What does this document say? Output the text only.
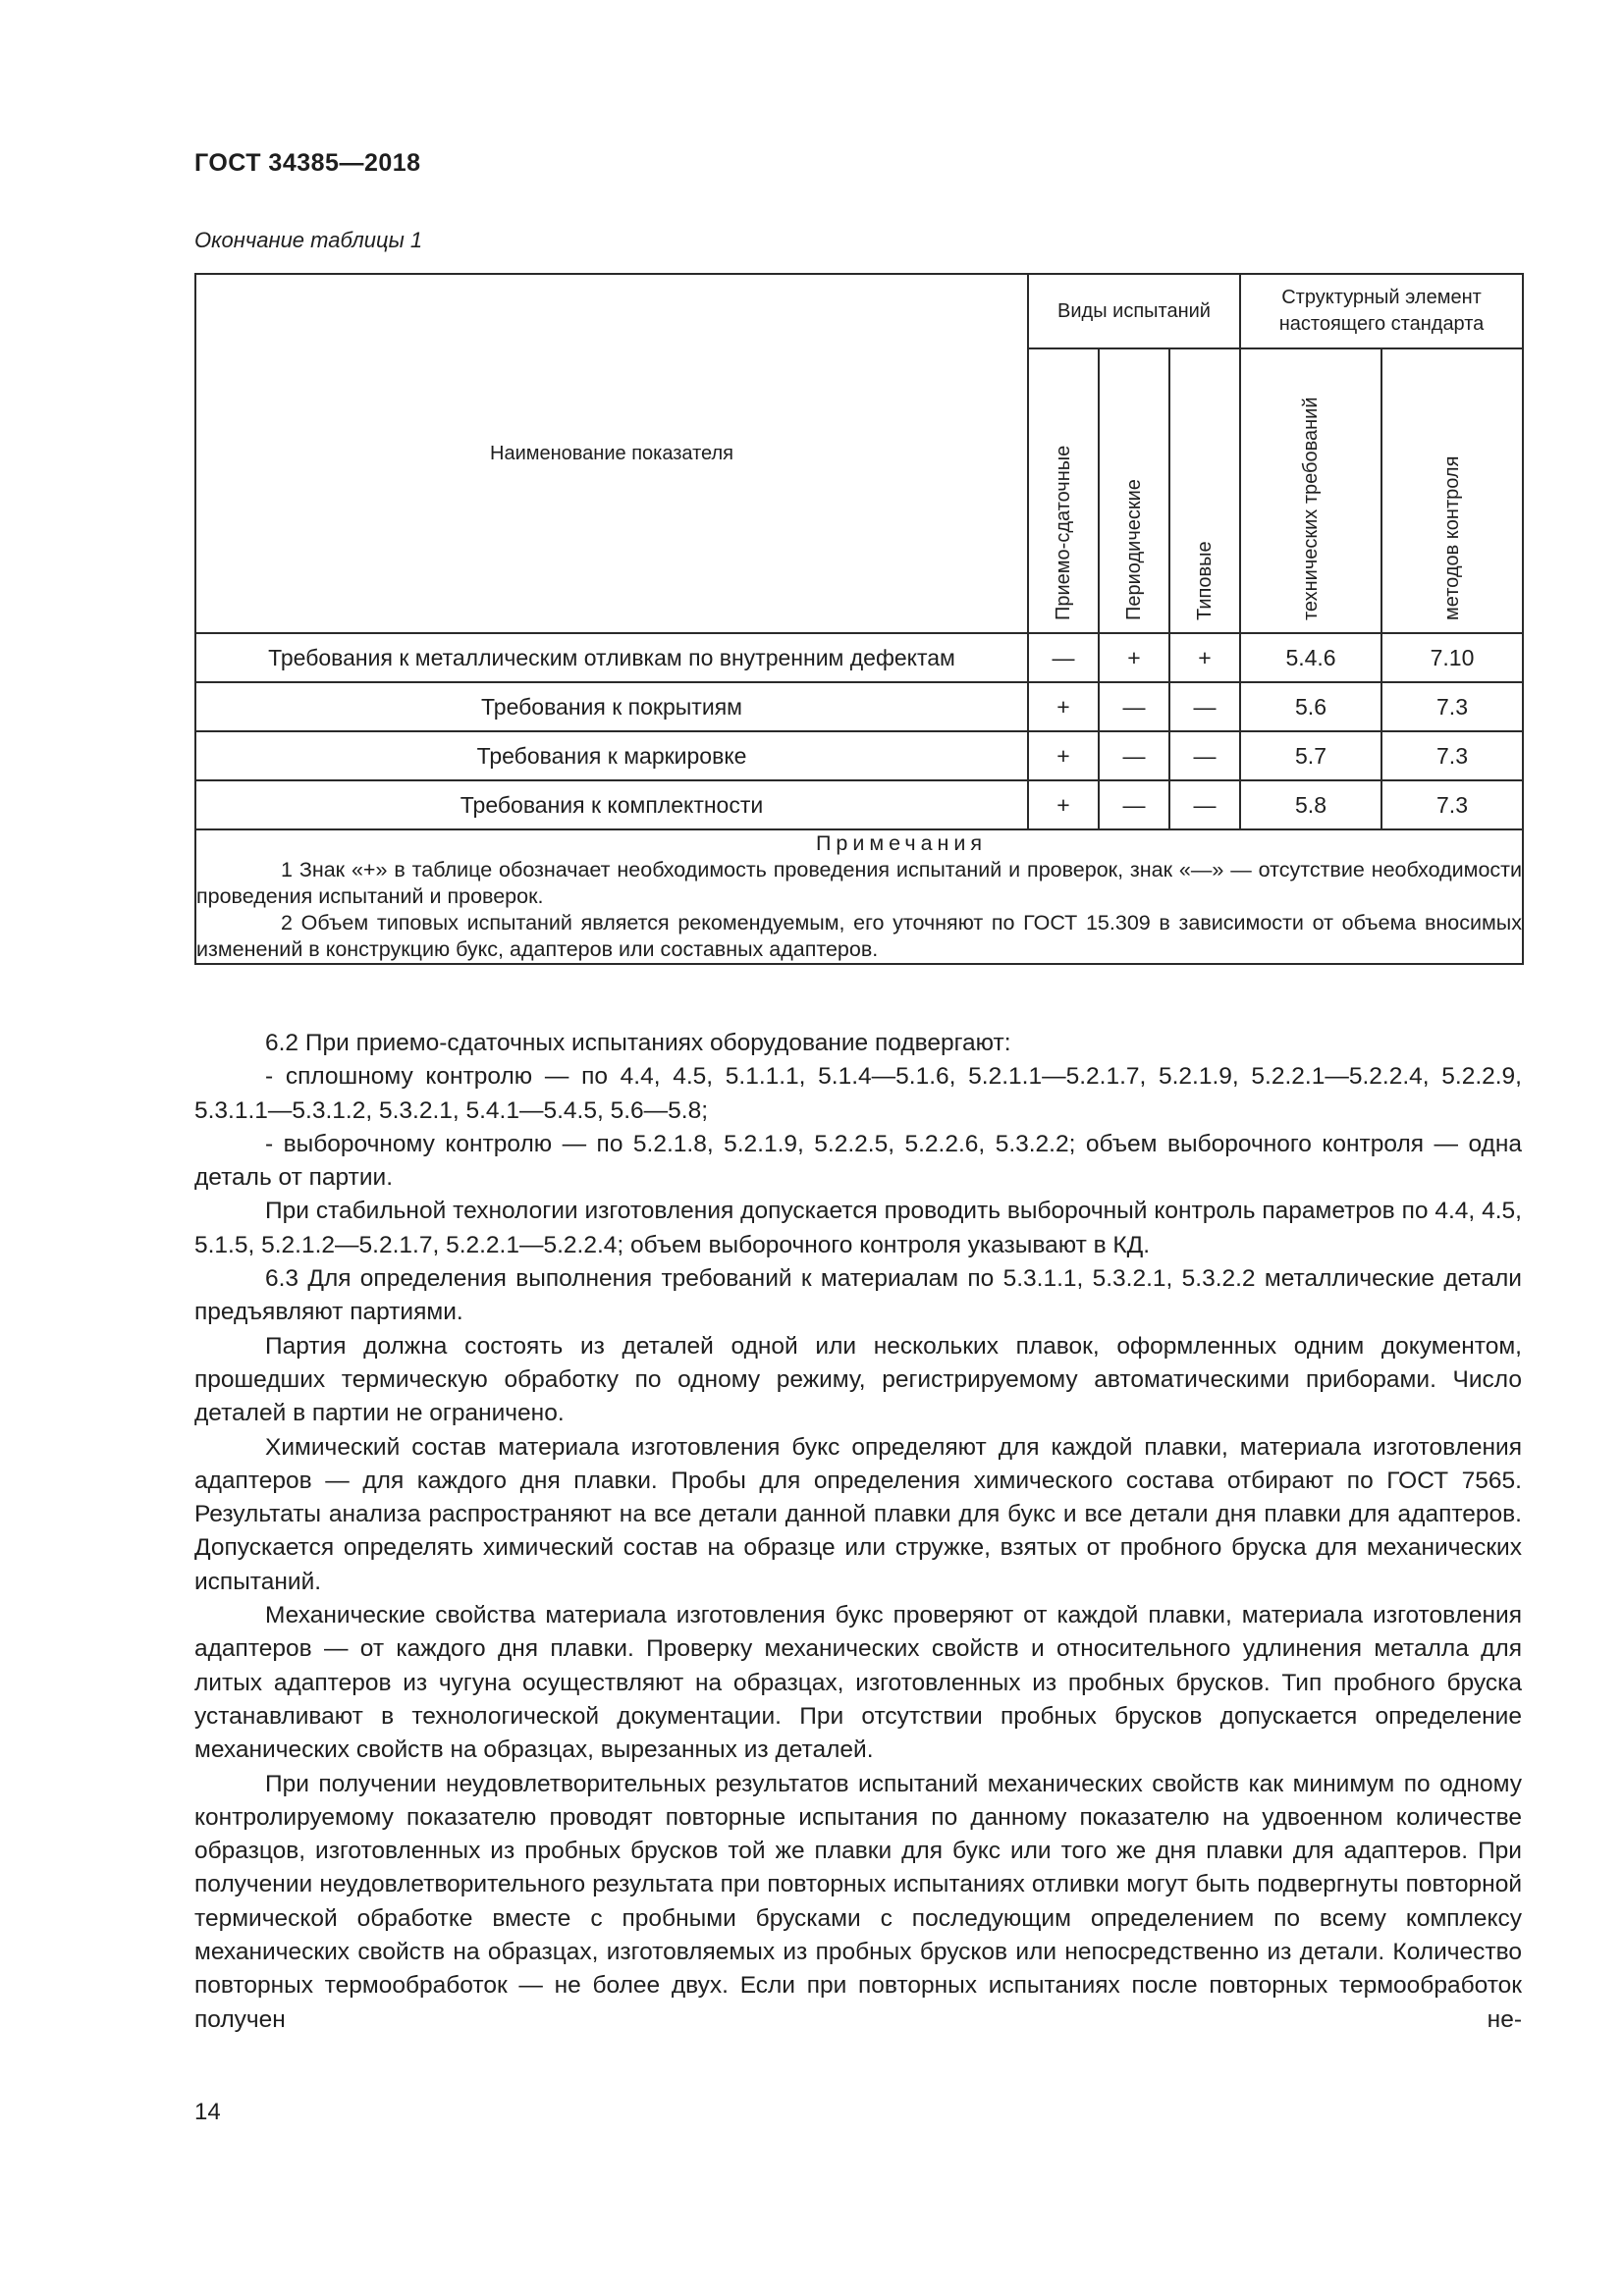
ГОСТ 34385—2018
Окончание таблицы 1
Наименование показателя	Виды испытаний			Структурный элемент настоящего стандарта	
	Приемо-сдаточные	Периодические	Типовые	технических требований	методов контроля
Требования к металлическим отливкам по внутренним дефектам	—	+	+	5.4.6	7.10
Требования к покрытиям	+	—	—	5.6	7.3
Требования к маркировке	+	—	—	5.7	7.3
Требования к комплектности	+	—	—	5.8	7.3

Примечания
1 Знак «+» в таблице обозначает необходимость проведения испытаний и проверок, знак «—» — отсутствие необходимости проведения испытаний и проверок.
2 Объем типовых испытаний является рекомендуемым, его уточняют по ГОСТ 15.309 в зависимости от объема вносимых изменений в конструкцию букс, адаптеров или составных адаптеров.					

6.2 При приемо-сдаточных испытаниях оборудование подвергают:

- сплошному контролю — по 4.4, 4.5, 5.1.1.1, 5.1.4—5.1.6, 5.2.1.1—5.2.1.7, 5.2.1.9, 5.2.2.1—5.2.2.4, 5.2.2.9, 5.3.1.1—5.3.1.2, 5.3.2.1, 5.4.1—5.4.5, 5.6—5.8;

- выборочному контролю — по 5.2.1.8, 5.2.1.9, 5.2.2.5, 5.2.2.6, 5.3.2.2; объем выборочного контроля — одна деталь от партии.

При стабильной технологии изготовления допускается проводить выборочный контроль параметров по 4.4, 4.5, 5.1.5, 5.2.1.2—5.2.1.7, 5.2.2.1—5.2.2.4; объем выборочного контроля указывают в КД.

6.3 Для определения выполнения требований к материалам по 5.3.1.1, 5.3.2.1, 5.3.2.2 металлические детали предъявляют партиями.

Партия должна состоять из деталей одной или нескольких плавок, оформленных одним документом, прошедших термическую обработку по одному режиму, регистрируемому автоматическими приборами. Число деталей в партии не ограничено.

Химический состав материала изготовления букс определяют для каждой плавки, материала изготовления адаптеров — для каждого дня плавки. Пробы для определения химического состава отбирают по ГОСТ 7565. Результаты анализа распространяют на все детали данной плавки для букс и все детали дня плавки для адаптеров. Допускается определять химический состав на образце или стружке, взятых от пробного бруска для механических испытаний.

Механические свойства материала изготовления букс проверяют от каждой плавки, материала изготовления адаптеров — от каждого дня плавки. Проверку механических свойств и относительного удлинения металла для литых адаптеров из чугуна осуществляют на образцах, изготовленных из пробных брусков. Тип пробного бруска устанавливают в технологической документации. При отсутствии пробных брусков допускается определение механических свойств на образцах, вырезанных из деталей.

При получении неудовлетворительных результатов испытаний механических свойств как минимум по одному контролируемому показателю проводят повторные испытания по данному показателю на удвоенном количестве образцов, изготовленных из пробных брусков той же плавки для букс или того же дня плавки для адаптеров. При получении неудовлетворительного результата при повторных испытаниях отливки могут быть подвергнуты повторной термической обработке вместе с пробными брусками с последующим определением по всему комплексу механических свойств на образцах, изготовляемых из пробных брусков или непосредственно из детали. Количество повторных термообработок — не более двух. Если при повторных испытаниях после повторных термообработок получен не-

14
